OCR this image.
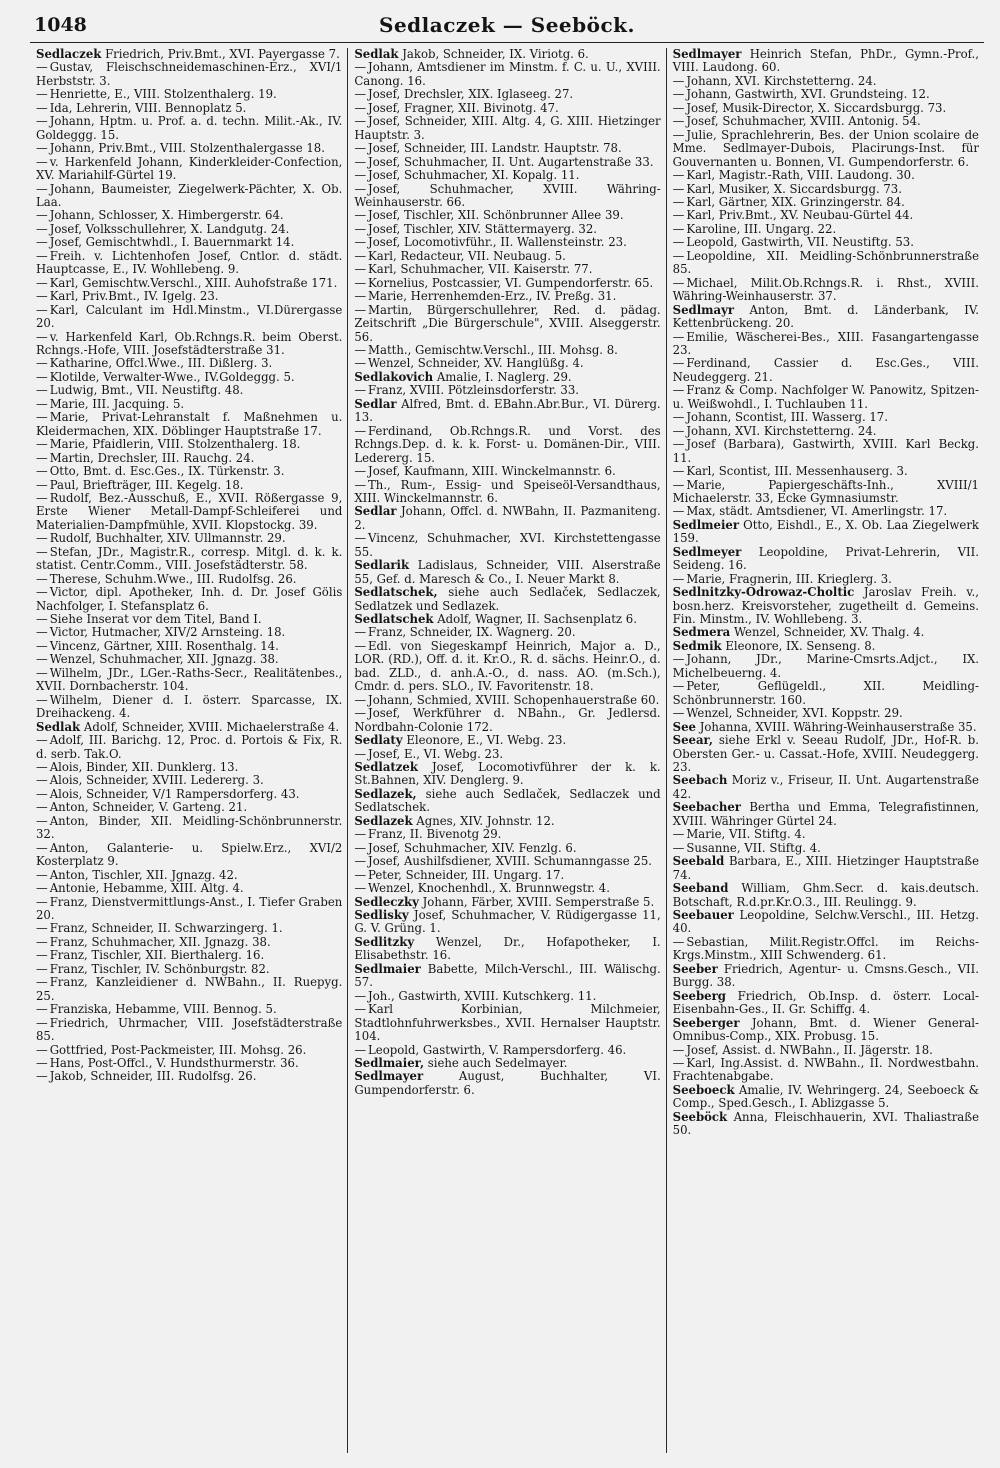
1048	Sedlaczek — Seeböck.

Sedlaczek Friedrich, Priv.Bmt., XVI. Payergasse 7.

— Gustav, Fleischschneidemaschinen-Erz., XVI/1 Herbststr. 3.

— Henriette, E., VIII. Stolzenthalerg. 19.

— Ida, Lehrerin, VIII. Bennoplatz 5.

— Johann, Hptm. u. Prof. a. d. techn. Milit.-Ak., IV. Goldeggg. 15.

— Johann, Priv.Bmt., VIII. Stolzenthalergasse 18.

— v. Harkenfeld Johann, Kinderkleider-Confection, XV. Mariahilf-Gürtel 19.

— Johann, Baumeister, Ziegelwerk-Pächter, X. Ob. Laa.

— Johann, Schlosser, X. Himbergerstr. 64.

— Josef, Volksschullehrer, X. Landgutg. 24.

— Josef, Gemischtwhdl., I. Bauernmarkt 14.

— Freih. v. Lichtenhofen Josef, Cntlor. d. städt. Hauptcasse, E., IV. Wohllebeng. 9.

— Karl, Gemischtw.Verschl., XIII. Auhofstraße 171.

— Karl, Priv.Bmt., IV. Igelg. 23.

— Karl, Calculant im Hdl.Minstm., VI.Dürergasse 20.

— v. Harkenfeld Karl, Ob.Rchngs.R. beim Oberst. Rchngs.-Hofe, VIII. Josefstädterstraße 31.

— Katharine, Offcl.Wwe., III. Dißlerg. 3.

— Klotilde, Verwalter-Wwe., IV.Goldeggg. 5.

— Ludwig, Bmt., VII. Neustiftg. 48.

— Marie, III. Jacquing. 5.

— Marie, Privat-Lehranstalt f. Maßnehmen u. Kleidermachen, XIX. Döblinger Hauptstraße 17.

— Marie, Pfaidlerin, VIII. Stolzenthalerg. 18.

— Martin, Drechsler, III. Rauchg. 24.

— Otto, Bmt. d. Esc.Ges., IX. Türkenstr. 3.

— Paul, Briefträger, III. Kegelg. 18.

— Rudolf, Bez.-Ausschuß, E., XVII. Rößergasse 9, Erste Wiener Metall-Dampf-Schleiferei und Materialien-Dampfmühle, XVII. Klopstockg. 39.

— Rudolf, Buchhalter, XIV. Ullmannstr. 29.

— Stefan, JDr., Magistr.R., corresp. Mitgl. d. k. k. statist. Centr.Comm., VIII. Josefstädterstr. 58.

— Therese, Schuhm.Wwe., III. Rudolfsg. 26.

— Victor, dipl. Apotheker, Inh. d. Dr. Josef Gölis Nachfolger, I. Stefansplatz 6.

— Siehe Inserat vor dem Titel, Band I.

— Victor, Hutmacher, XIV/2 Arnsteing. 18.

— Vincenz, Gärtner, XIII. Rosenthalg. 14.

— Wenzel, Schuhmacher, XII. Jgnazg. 38.

— Wilhelm, JDr., LGer.-Raths-Secr., Realitätenbes., XVII. Dornbacherstr. 104.

— Wilhelm, Diener d. I. österr. Sparcasse, IX. Dreihackeng. 4.

Sedlak Adolf, Schneider, XVIII. Michaelerstraße 4.

— Adolf, III. Barichg. 12, Proc. d. Portois & Fix, R. d. serb. Tak.O.

— Alois, Binder, XII. Dunklerg. 13.

— Alois, Schneider, XVIII. Ledererg. 3.

— Alois, Schneider, V/1 Rampersdorferg. 43.

— Anton, Schneider, V. Garteng. 21.

— Anton, Binder, XII. Meidling-Schönbrunnerstr. 32.

— Anton, Galanterie- u. Spielw.Erz., XVI/2 Kosterplatz 9.

— Anton, Tischler, XII. Jgnazg. 42.

— Antonie, Hebamme, XIII. Altg. 4.

— Franz, Dienstvermittlungs-Anst., I. Tiefer Graben 20.

— Franz, Schneider, II. Schwarzingerg. 1.

— Franz, Schuhmacher, XII. Jgnazg. 38.

— Franz, Tischler, XII. Bierthalerg. 16.

— Franz, Tischler, IV. Schönburgstr. 82.

— Franz, Kanzleidiener d. NWBahn., II. Ruepyg. 25.

— Franziska, Hebamme, VIII. Bennog. 5.

— Friedrich, Uhrmacher, VIII. Josefstädterstraße 85.

— Gottfried, Post-Packmeister, III. Mohsg. 26.

— Hans, Post-Offcl., V. Hundsthurmerstr. 36.

— Jakob, Schneider, III. Rudolfsg. 26.

Sedlak Jakob, Schneider, IX. Viriotg. 6.

— Johann, Amtsdiener im Minstm. f. C. u. U., XVIII. Canong. 16.

— Josef, Drechsler, XIX. Iglaseeg. 27.

— Josef, Fragner, XII. Bivinotg. 47.

— Josef, Schneider, XIII. Altg. 4, G. XIII. Hietzinger Hauptstr. 3.

— Josef, Schneider, III. Landstr. Hauptstr. 78.

— Josef, Schuhmacher, II. Unt. Augartenstraße 33.

— Josef, Schuhmacher, XI. Kopalg. 11.

— Josef, Schuhmacher, XVIII. Währing-Weinhauserstr. 66.

— Josef, Tischler, XII. Schönbrunner Allee 39.

— Josef, Tischler, XIV. Stättermayerg. 32.

— Josef, Locomotivführ., II. Wallensteinstr. 23.

— Karl, Redacteur, VII. Neubaug. 5.

— Karl, Schuhmacher, VII. Kaiserstr. 77.

— Kornelius, Postcassier, VI. Gumpendorferstr. 65.

— Marie, Herrenhemden-Erz., IV. Preßg. 31.

— Martin, Bürgerschullehrer, Red. d. pädag. Zeitschrift „Die Bürgerschule", XVIII. Alseggerstr. 56.

— Matth., Gemischtw.Verschl., III. Mohsg. 8.

— Wenzel, Schneider, XV. Hanglüßg. 4.

Sedlakovich Amalie, I. Naglerg. 29.

— Franz, XVIII. Pötzleinsdorferstr. 33.

Sedlar Alfred, Bmt. d. EBahn.Abr.Bur., VI. Dürerg. 13.

— Ferdinand, Ob.Rchngs.R. und Vorst. des Rchngs.Dep. d. k. k. Forst- u. Domänen-Dir., VIII. Ledererg. 15.

— Josef, Kaufmann, XIII. Winckelmannstr. 6.

— Th., Rum-, Essig- und Speiseöl-Versandthaus, XIII. Winckelmannstr. 6.

Sedlar Johann, Offcl. d. NWBahn, II. Pazmaniteng. 2.

— Vincenz, Schuhmacher, XVI. Kirchstettengasse 55.

Sedlarik Ladislaus, Schneider, VIII. Alserstraße 55, Gef. d. Maresch & Co., I. Neuer Markt 8.

Sedlatschek, siehe auch Sedlaček, Sedlaczek, Sedlatzek und Sedlazek.

Sedlatschek Adolf, Wagner, II. Sachsenplatz 6.

— Franz, Schneider, IX. Wagnerg. 20.

— Edl. von Siegeskampf Heinrich, Major a. D., LOR. (RD.), Off. d. it. Kr.O., R. d. sächs. Heinr.O., d. bad. ZLD., d. anh.A.-O., d. nass. AO. (m.Sch.), Cmdr. d. pers. SLO., IV. Favoritenstr. 18.

— Johann, Schmied, XVIII. Schopenhauerstraße 60.

— Josef, Werkführer d. NBahn., Gr. Jedlersd. Nordbahn-Colonie 172.

Sedlaty Eleonore, E., VI. Webg. 23.

— Josef, E., VI. Webg. 23.

Sedlatzek Josef, Locomotivführer der k. k. St.Bahnen, XIV. Denglerg. 9.

Sedlazek, siehe auch Sedlaček, Sedlaczek und Sedlatschek.

Sedlazek Agnes, XIV. Johnstr. 12.

— Franz, II. Bivenotg 29.

— Josef, Schuhmacher, XIV. Fenzlg. 6.

— Josef, Aushilfsdiener, XVIII. Schumanngasse 25.

— Peter, Schneider, III. Ungarg. 17.

— Wenzel, Knochenhdl., X. Brunnwegstr. 4.

Sedleczky Johann, Färber, XVIII. Semperstraße 5.

Sedlisky Josef, Schuhmacher, V. Rüdigergasse 11, G. V. Grüng. 1.

Sedlitzky Wenzel, Dr., Hofapotheker, I. Elisabethstr. 16.

Sedlmaier Babette, Milch-Verschl., III. Wälischg. 57.

— Joh., Gastwirth, XVIII. Kutschkerg. 11.

— Karl Korbinian, Milchmeier, Stadtlohnfuhrwerksbes., XVII. Hernalser Hauptstr. 104.

— Leopold, Gastwirth, V. Rampersdorferg. 46.

Sedlmaier, siehe auch Sedelmayer.

Sedlmayer	August, Buchhalter, VI. Gumpendorferstr. 6.

Sedlmayer Heinrich Stefan, PhDr., Gymn.-Prof., VIII. Laudong. 60.

— Johann, XVI. Kirchstetterng. 24.

— Johann, Gastwirth, XVI. Grundsteing. 12.

— Josef, Musik-Director, X. Siccardsburgg. 73.

— Josef, Schuhmacher, XVIII. Antonig. 54.

— Julie, Sprachlehrerin, Bes. der Union scolaire de Mme. Sedlmayer-Dubois, Placirungs-Inst. für Gouvernanten u. Bonnen, VI. Gumpendorferstr. 6.

— Karl, Magistr.-Rath, VIII. Laudong. 30.

— Karl, Musiker, X. Siccardsburgg. 73.

— Karl, Gärtner, XIX. Grinzingerstr. 84.

— Karl, Priv.Bmt., XV. Neubau-Gürtel 44.

— Karoline, III. Ungarg. 22.

— Leopold, Gastwirth, VII. Neustiftg. 53.

— Leopoldine, XII. Meidling-Schönbrunnerstraße 85.

— Michael, Milit.Ob.Rchngs.R. i. Rhst., XVIII. Währing-Weinhauserstr. 37.

Sedlmayr Anton, Bmt. d. Länderbank, IV. Kettenbrückeng. 20.

— Emilie, Wäscherei-Bes., XIII. Fasangartengasse 23.

— Ferdinand, Cassier d. Esc.Ges., VIII. Neudeggerg. 21.

— Franz & Comp. Nachfolger W. Panowitz, Spitzen- u. Weißwohdl., I. Tuchlauben 11.

— Johann, Scontist, III. Wasserg. 17.

— Johann, XVI. Kirchstetterng. 24.

— Josef (Barbara), Gastwirth, XVIII. Karl Beckg. 11.

— Karl, Scontist, III. Messenhauserg. 3.

— Marie, Papiergeschäfts-Inh., XVIII/1 Michaelerstr. 33, Ecke Gymnasiumstr.

— Max, städt. Amtsdiener, VI. Amerlingstr. 17.

Sedlmeier Otto, Eishdl., E., X. Ob. Laa Ziegelwerk 159.

Sedlmeyer Leopoldine, Privat-Lehrerin, VII. Seideng. 16.

— Marie, Fragnerin, III. Krieglerg. 3.

Sedlnitzky-Odrowaz-Choltic Jaroslav Freih. v., bosn.herz. Kreisvorsteher, zugetheilt d. Gemeins. Fin. Minstm., IV. Wohllebeng. 3.

Sedmera Wenzel, Schneider, XV. Thalg. 4.

Sedmik Eleonore, IX. Senseng. 8.

— Johann, JDr., Marine-Cmsrts.Adjct., IX. Michelbeuerng. 4.

— Peter, Geflügeldl., XII. Meidling-Schönbrunnerstr. 160.

— Wenzel, Schneider, XVI. Koppstr. 29.

See Johanna, XVIII. Währing-Weinhauserstraße 35.

Seear, siehe Erkl v. Seeau Rudolf, JDr., Hof-R. b. Obersten Ger.- u. Cassat.-Hofe, XVIII. Neudeggerg. 23.

Seebach Moriz v., Friseur, II. Unt. Augartenstraße 42.

Seebacher Bertha und Emma, Telegrafistinnen, XVIII. Währinger Gürtel 24.

— Marie, VII. Stiftg. 4.

— Susanne, VII. Stiftg. 4.

Seebald Barbara, E., XIII. Hietzinger Hauptstraße 74.

Seeband William, Ghm.Secr. d. kais.deutsch. Botschaft, R.d.pr.Kr.O.3., III. Reulingg. 9.

Seebauer Leopoldine, Selchw.Verschl., III. Hetzg. 40.

— Sebastian, Milit.Registr.Offcl. im Reichs-Krgs.Minstm., XIII Schwenderg. 61.

Seeber Friedrich, Agentur- u. Cmsns.Gesch., VII. Burgg. 38.

Seeberg Friedrich, Ob.Insp. d. österr. Local-Eisenbahn-Ges., II. Gr. Schiffg. 4.

Seeberger Johann, Bmt. d. Wiener General-Omnibus-Comp., XIX. Probusg. 15.

— Josef, Assist. d. NWBahn., II. Jägerstr. 18.

— Karl, Ing.Assist. d. NWBahn., II. Nordwestbahn. Frachtenabgabe.

Seeboeck Amalie, IV. Wehringerg. 24, Seeboeck & Comp., Sped.Gesch., I. Ablizgasse 5.

Seeböck Anna, Fleischhauerin, XVI. Thaliastraße 50.
